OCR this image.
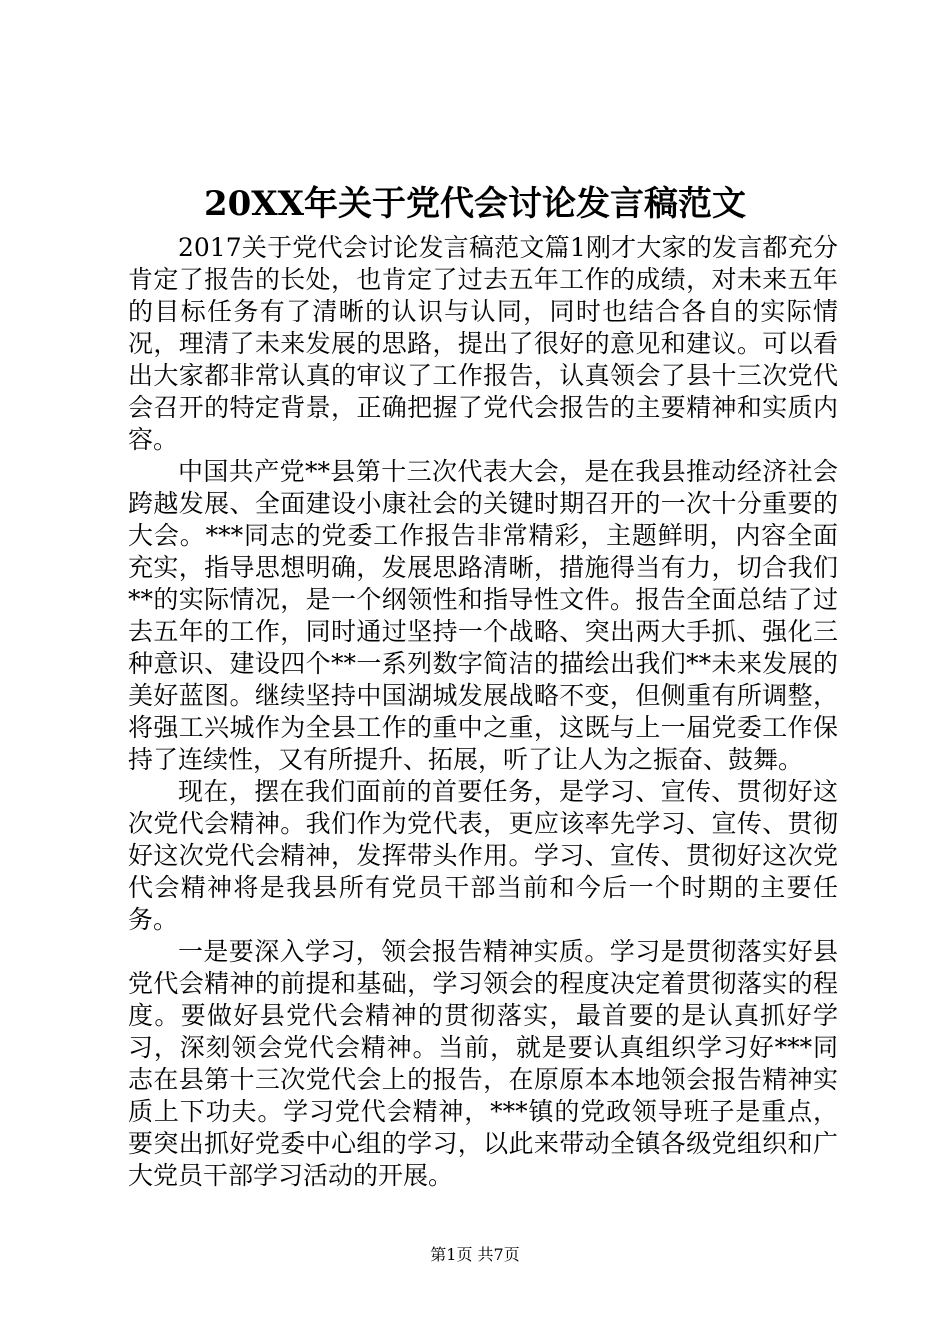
20XX年关于党代会讨论发言稿范文

2017关于党代会讨论发言稿范文篇1刚才大家的发言都充分肯定了报告的长处，也肯定了过去五年工作的成绩，对未来五年的目标任务有了清晰的认识与认同，同时也结合各自的实际情况，理清了未来发展的思路，提出了很好的意见和建议。可以看出大家都非常认真的审议了工作报告，认真领会了县十三次党代会召开的特定背景，正确把握了党代会报告的主要精神和实质内容。

中国共产党**县第十三次代表大会，是在我县推动经济社会跨越发展、全面建设小康社会的关键时期召开的一次十分重要的大会。***同志的党委工作报告非常精彩，主题鲜明，内容全面充实，指导思想明确，发展思路清晰，措施得当有力，切合我们**的实际情况，是一个纲领性和指导性文件。报告全面总结了过去五年的工作，同时通过坚持一个战略、突出两大手抓、强化三种意识、建设四个**一系列数字简洁的描绘出我们**未来发展的美好蓝图。继续坚持中国湖城发展战略不变，但侧重有所调整，将强工兴城作为全县工作的重中之重，这既与上一届党委工作保持了连续性，又有所提升、拓展，听了让人为之振奋、鼓舞。

现在，摆在我们面前的首要任务，是学习、宣传、贯彻好这次党代会精神。我们作为党代表，更应该率先学习、宣传、贯彻好这次党代会精神，发挥带头作用。学习、宣传、贯彻好这次党代会精神将是我县所有党员干部当前和今后一个时期的主要任务。

一是要深入学习，领会报告精神实质。学习是贯彻落实好县党代会精神的前提和基础，学习领会的程度决定着贯彻落实的程度。要做好县党代会精神的贯彻落实，最首要的是认真抓好学习，深刻领会党代会精神。当前，就是要认真组织学习好***同志在县第十三次党代会上的报告，在原原本本地领会报告精神实质上下功夫。学习党代会精神，***镇的党政领导班子是重点，要突出抓好党委中心组的学习，以此来带动全镇各级党组织和广大党员干部学习活动的开展。

第1页 共7页
